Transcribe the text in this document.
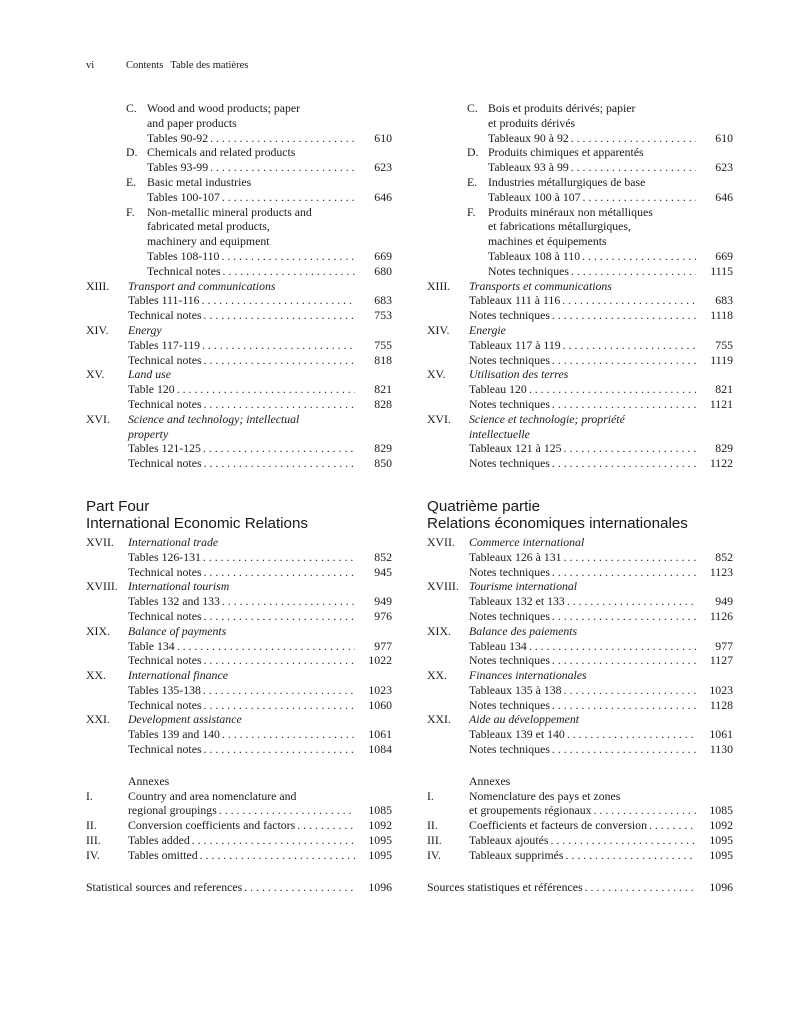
vi	Contents Table des matières
C. Wood and wood products; paper
and paper products
Tables 90-92 . . .	610
D. Chemicals and related products
Tables 93-99 . . .	623
E. Basic metal industries
Tables 100-107 . . .	646
F. Non-metallic mineral products and
fabricated metal products,
machinery and equipment
Tables 108-110 . . .	669
Technical notes . . .	680
XIII. Transport and communications
Tables 111-116 . . .	683
Technical notes . . .	753
XIV. Energy
Tables 117-119 . . .	755
Technical notes . . .	818
XV. Land use
Table 120 . . .	821
Technical notes . . .	828
XVI. Science and technology; intellectual
property
Tables 121-125 . . .	829
Technical notes . . .	850
Part Four
International Economic Relations
XVII. International trade
Tables 126-131 . . .	852
Technical notes . . .	945
XVIII. International tourism
Tables 132 and 133 . . .	949
Technical notes . . .	976
XIX. Balance of payments
Table 134 . . .	977
Technical notes . . .	1022
XX. International finance
Tables 135-138 . . .	1023
Technical notes . . .	1060
XXI. Development assistance
Tables 139 and 140 . . .	1061
Technical notes . . .	1084
Annexes
I.	Country and area nomenclature and
regional groupings . . .	1085
II.	Conversion coefficients and factors . . .	1092
III. Tables added . . .	1095
IV. Tables omitted . . .	1095
Statistical sources and references . . .	1096
C. Bois et produits dérivés; papier
et produits dérivés
Tableaux 90 à 92 . . .	610
D. Produits chimiques et apparentés
Tableaux 93 à 99 . . .	623
E. Industries métallurgiques de base
Tableaux 100 à 107 . . .	646
F. Produits minéraux non métalliques
et fabrications métallurgiques,
machines et équipements
Tableaux 108 à 110 . . .	669
Notes techniques . . .	1115
XIII. Transports et communications
Tableaux 111 à 116 . . .	683
Notes techniques . . .	1118
XIV. Energie
Tableaux 117 à 119 . . .	755
Notes techniques . . .	1119
XV. Utilisation des terres
Tableau 120 . . .	821
Notes techniques . . .	1121
XVI. Science et technologie; propriété
intellectuelle
Tableaux 121 à 125 . . .	829
Notes techniques . . .	1122
Quatrième partie
Relations économiques internationales
XVII. Commerce international
Tableaux 126 à 131 . . .	852
Notes techniques . . .	1123
XVIII. Tourisme international
Tableaux 132 et 133 . . .	949
Notes techniques . . .	1126
XIX. Balance des paiements
Tableau 134 . . .	977
Notes techniques . . .	1127
XX. Finances internationales
Tableaux 135 à 138 . . .	1023
Notes techniques . . .	1128
XXI. Aide au développement
Tableaux 139 et 140 . . .	1061
Notes techniques . . .	1130
Annexes
I.	Nomenclature des pays et zones
et groupements régionaux . . .	1085
II.	Coefficients et facteurs de conversion . . .	1092
III. Tableaux ajoutés . . .	1095
IV. Tableaux supprimés . . .	1095
Sources statistiques et références . . .	1096
